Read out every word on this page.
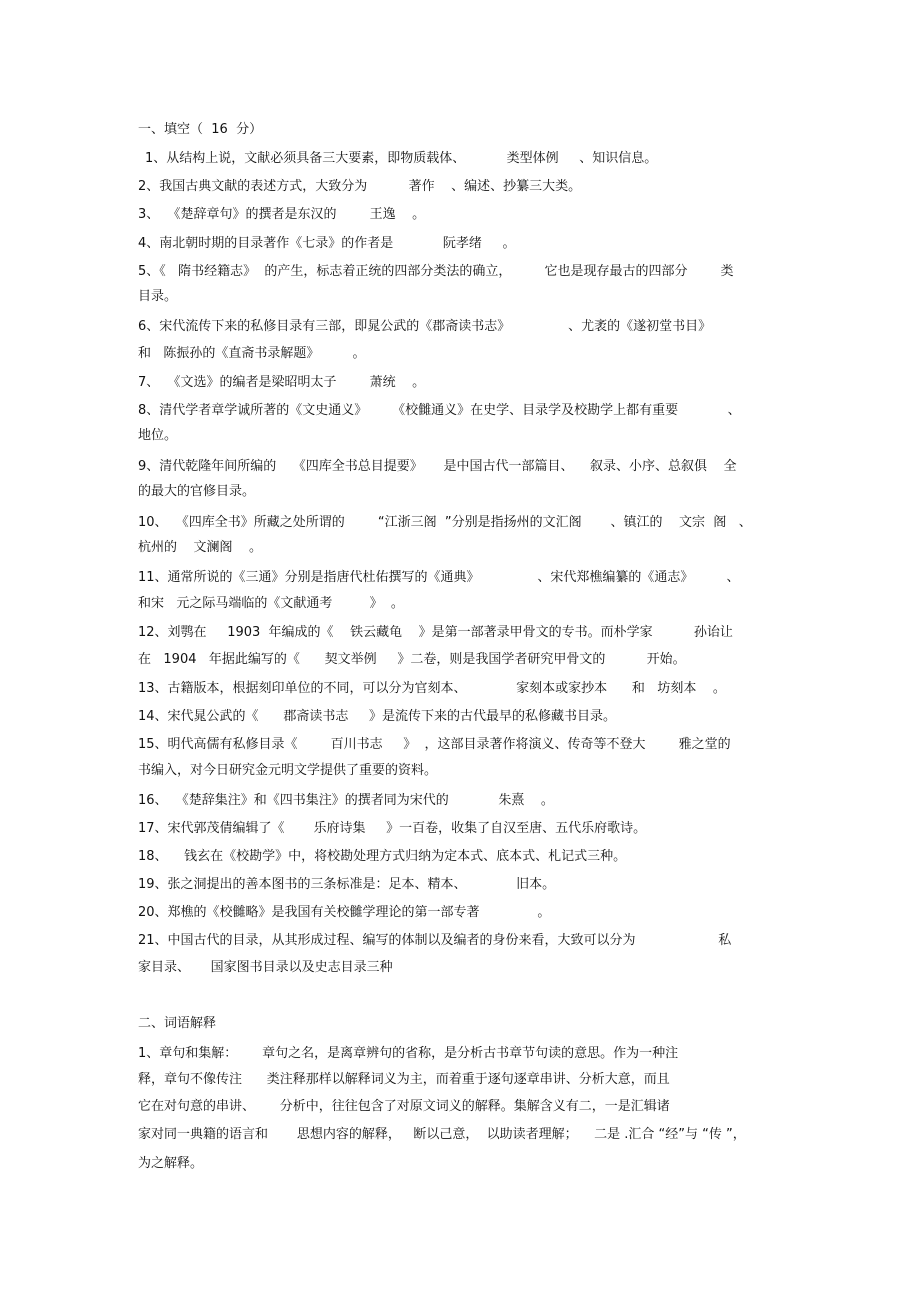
一、填空（  16  分）
1、从结构上说，文献必须具备三大要素，即物质载体、          类型体例     、知识信息。
2、我国古典文献的表述方式，大致分为          著作    、编述、抄纂三大类。
3、  《楚辞章句》的撰者是东汉的        王逸    。
4、南北朝时期的目录著作《七录》的作者是            阮孝绪     。
5、《   隋书经籍志》  的产生，标志着正统的四部分类法的确立，        它也是现存最古的四部分        类
目录。
6、宋代流传下来的私修目录有三部，即晁公武的《郡斋读书志》              、尤袤的《遂初堂书目》
和   陈振孙的《直斋书录解题》        。
7、  《文选》的编者是梁昭明太子        萧统    。
8、清代学者章学诚所著的《文史通义》      《校雠通义》在史学、目录学及校勘学上都有重要            、
地位。
9、清代乾隆年间所编的    《四库全书总目提要》     是中国古代一部篇目、    叙录、小序、总叙俱    全
的最大的官修目录。
10、  《四库全书》所藏之处所谓的        “江浙三阁  ”分别是指扬州的文汇阁       、镇江的    文宗  阁   、
杭州的    文澜阁    。
11、通常所说的《三通》分别是指唐代杜佑撰写的《通典》              、宋代郑樵编纂的《通志》        、
和宋   元之际马端临的《文献通考         》  。
12、刘鹗在     1903  年编成的《    铁云藏龟    》是第一部著录甲骨文的专书。而朴学家          孙诒让
在   1904   年据此编写的《      契文举例     》二卷，则是我国学者研究甲骨文的          开始。
13、古籍版本，根据刻印单位的不同，可以分为官刻本、            家刻本或家抄本      和   坊刻本    。
14、宋代晁公武的《      郡斋读书志     》是流传下来的古代最早的私修藏书目录。
15、明代高儒有私修目录《        百川书志     》  ，这部目录著作将演义、传奇等不登大        雅之堂的
书编入，对今日研究金元明文学提供了重要的资料。
16、  《楚辞集注》和《四书集注》的撰者同为宋代的            朱熹    。
17、宋代郭茂倩编辑了《       乐府诗集     》一百卷，收集了自汉至唐、五代乐府歌诗。
18、    钱玄在《校勘学》中，将校勘处理方式归纳为定本式、底本式、札记式三种。
19、张之洞提出的善本图书的三条标准是：足本、精本、            旧本。
20、郑樵的《校雠略》是我国有关校雠学理论的第一部专著              。
21、中国古代的目录，从其形成过程、编写的体制以及编者的身份来看，大致可以分为                    私
家目录、     国家图书目录以及史志目录三种
二、词语解释
1、章句和集解：      章句之名，是离章辨句的省称，是分析古书章节句读的意思。作为一种注
释，章句不像传注      类注释那样以解释词义为主，而着重于逐句逐章串讲、分析大意，而且
它在对句意的串讲、      分析中，往往包含了对原文词义的解释。集解含义有二，一是汇辑诸
家对同一典籍的语言和       思想内容的解释，   断以己意，  以助读者理解；    二是 .汇合 “经”与 “传 ”，
为之解释。
